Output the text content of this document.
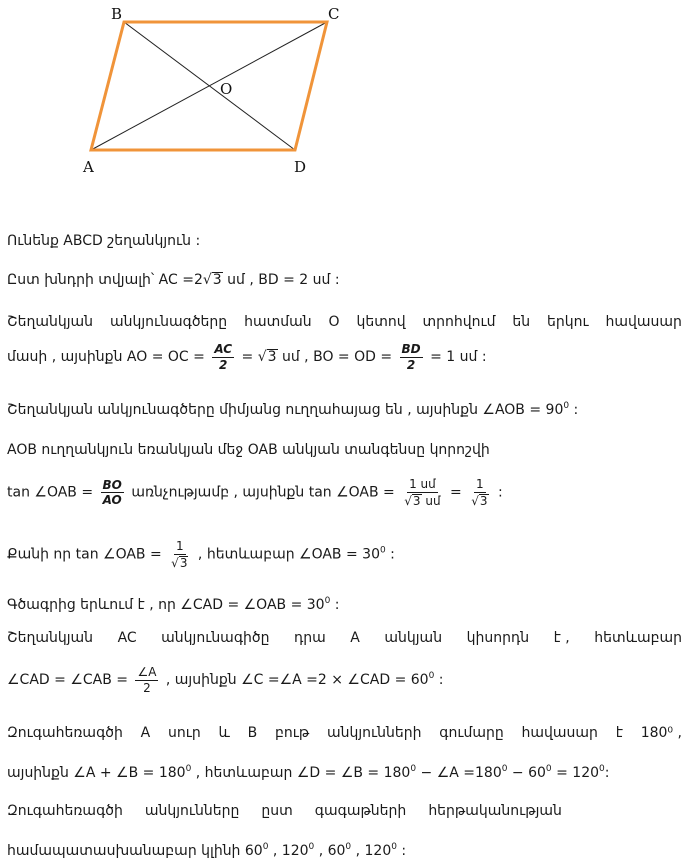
B	C
O
A	D
Ունենք ABCD շեղանկյուն :
Ըստ խնդրի տվյալի՝ AC =2√ 3 սմ , BD = 2 սմ :
Շեղանկյան անկյունագծերը հատման O կետով տրոհվում են երկու հավասար
մասի , այսինքն AO = OC = $\frac{AC}{2}$ = √ 3 սմ , BO = OD = $\frac{BD}{2} = 1$ սմ :
Շեղանկյան անկյունագծերը միմյանց ուղղահայաց են , այսինքն ∠AOB = $90^0$ :
AOB ուղղանկյուն եռանկյան մեջ OAB անկյան տանգենսը կորոշվի
tan ∠OAB = $\frac{BO}{AO}$ առնչությամբ , այսինքն tan ∠OAB = $\frac{\text{1 սմ}}{\text{√ 3 սմ}} = \frac{1}{√ 3}$ :
Քանի որ tan ∠OAB = $\frac{1}{√ 3}$ , հետևաբար ∠OAB = $30^0$ :
Գծագրից երևում է , որ ∠CAD = ∠OAB = $30^0$ :
Շեղանկյան AC անկյունագիծը դրա A անկյան կիսորդն է , հետևաբար
∠CAD = ∠CAB = $\frac{\angle A}{2}$ , այսինքն ∠C =∠A =2 × ∠CAD = $60^0$ :
Զուգահեռագծի A սուր և B բութ անկյունների գումարը հավասար է 180⁰ ,
այսինքն ∠A + ∠B = $180^0$ , հետևաբար ∠D = ∠B = $180^0$ − ∠A $=180^0 - 60^0 = 120^0$:
Զուգահեռագծի անկյունները ըստ գագաթների հերթականության
համապատասխանաբար կլինի $60^0$ , $120^0$ , $60^0$ , $120^0$ :
